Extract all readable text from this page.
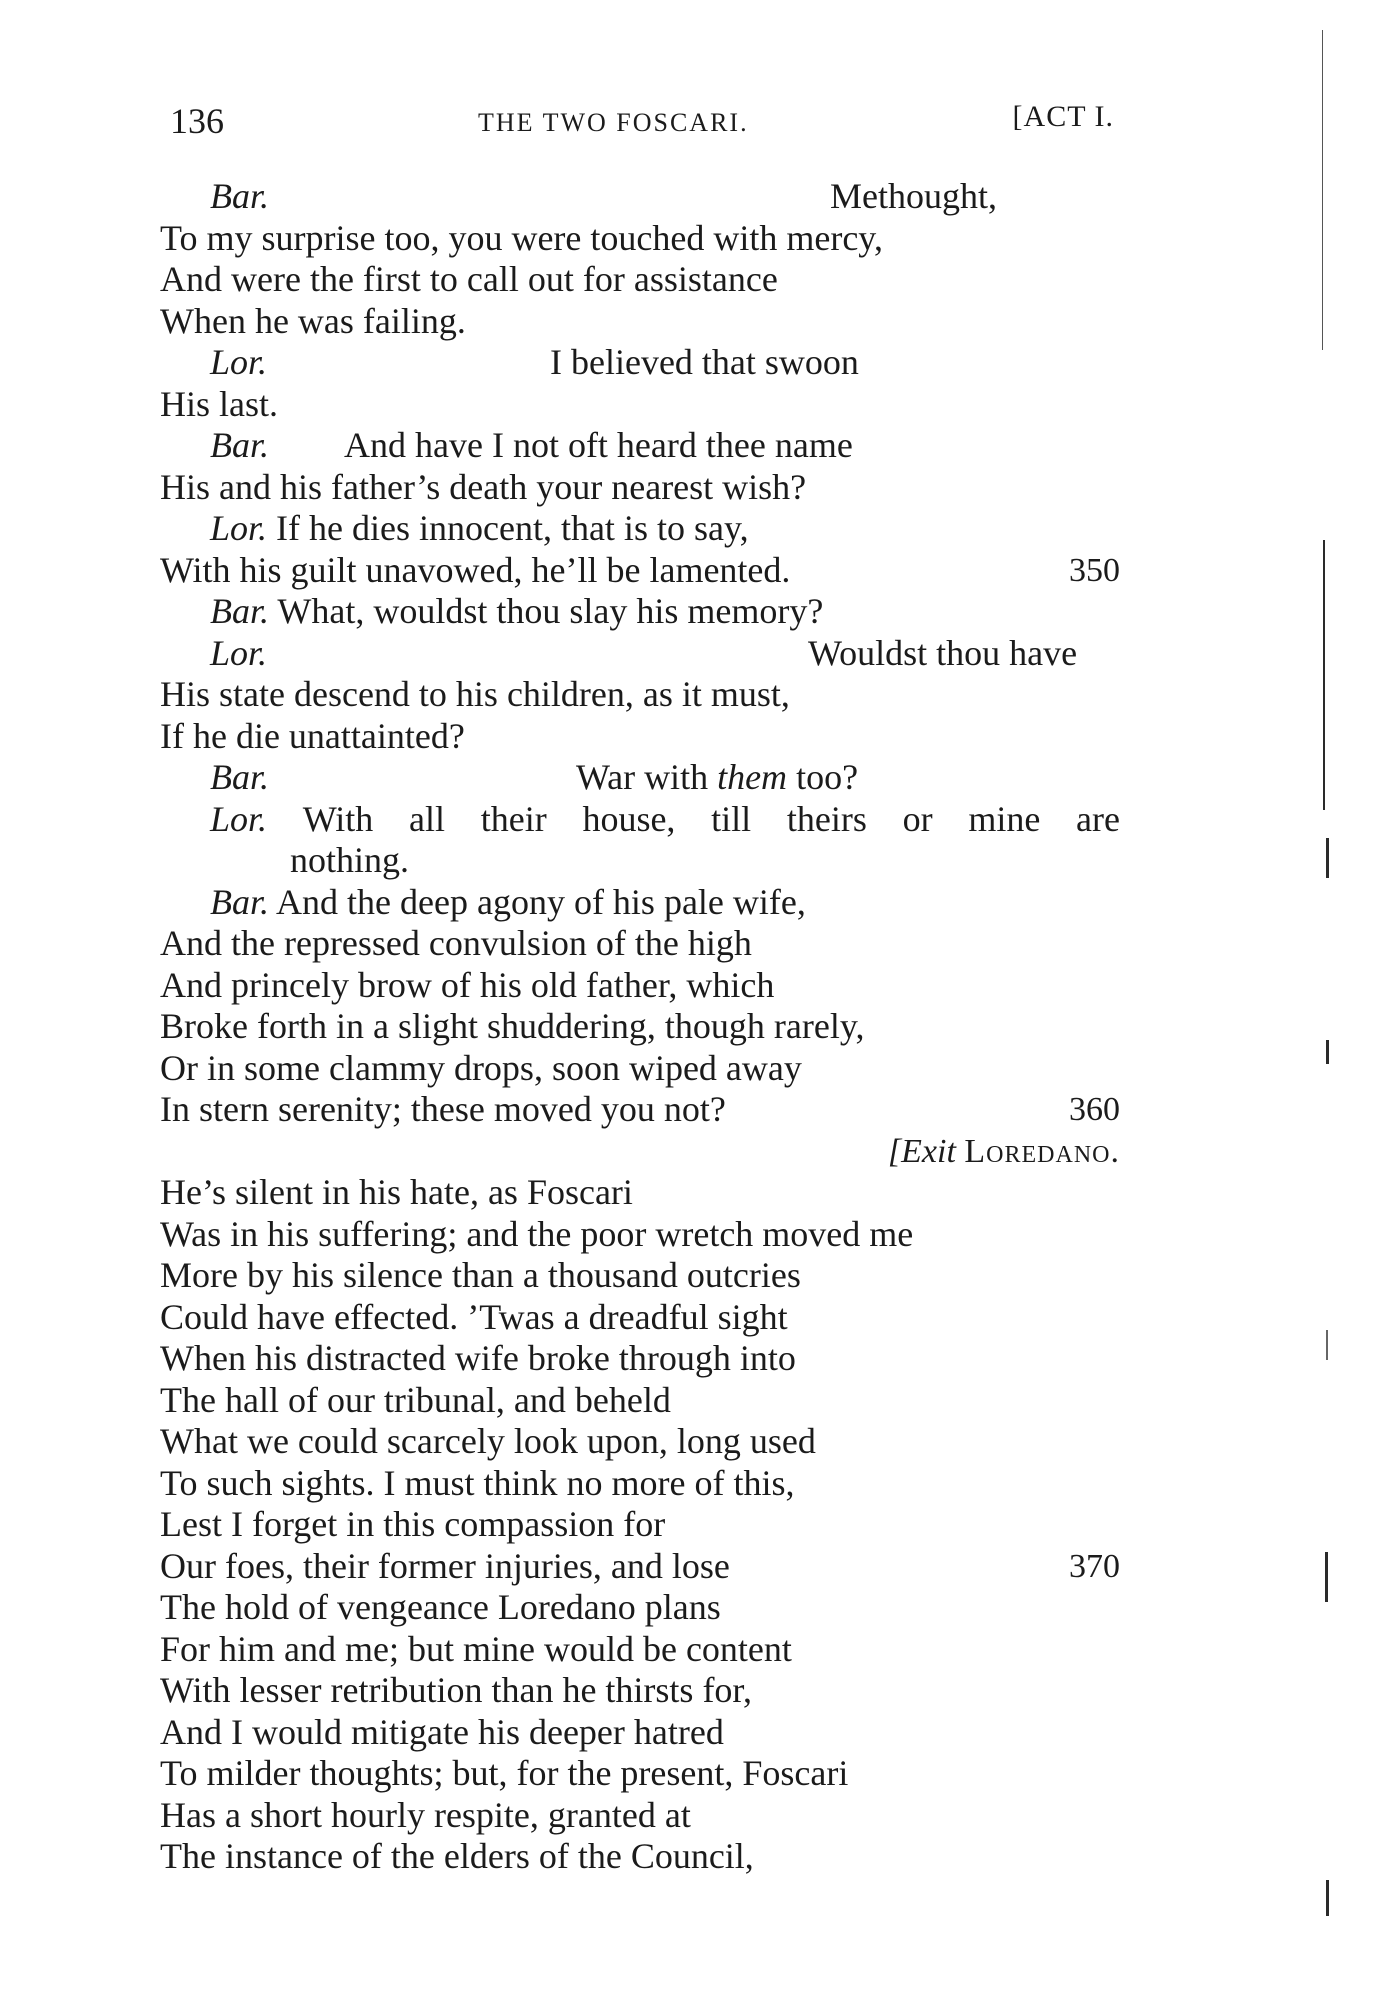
136	THE TWO FOSCARI.	[ACT I.
Bar.	Methought,
To my surprise too, you were touched with mercy,
And were the first to call out for assistance
When he was failing.
Lor.	I believed that swoon
His last.
Bar. And have I not oft heard thee name
His and his father’s death your nearest wish?
Lor. If he dies innocent, that is to say,
With his guilt unavowed, he’ll be lamented.	350
Bar. What, wouldst thou slay his memory?
Lor.	Wouldst thou have
His state descend to his children, as it must,
If he die unattainted?
Bar.	War with them too?
Lor. With all their house, till theirs or mine are
nothing.
Bar. And the deep agony of his pale wife,
And the repressed convulsion of the high
And princely brow of his old father, which
Broke forth in a slight shuddering, though rarely,
Or in some clammy drops, soon wiped away
In stern serenity; these moved you not?	360
[Exit Loredano.
He’s silent in his hate, as Foscari
Was in his suffering; and the poor wretch moved me
More by his silence than a thousand outcries
Could have effected. ’Twas a dreadful sight
When his distracted wife broke through into
The hall of our tribunal, and beheld
What we could scarcely look upon, long used
To such sights. I must think no more of this,
Lest I forget in this compassion for
Our foes, their former injuries, and lose	370
The hold of vengeance Loredano plans
For him and me; but mine would be content
With lesser retribution than he thirsts for,
And I would mitigate his deeper hatred
To milder thoughts; but, for the present, Foscari
Has a short hourly respite, granted at
The instance of the elders of the Council,
